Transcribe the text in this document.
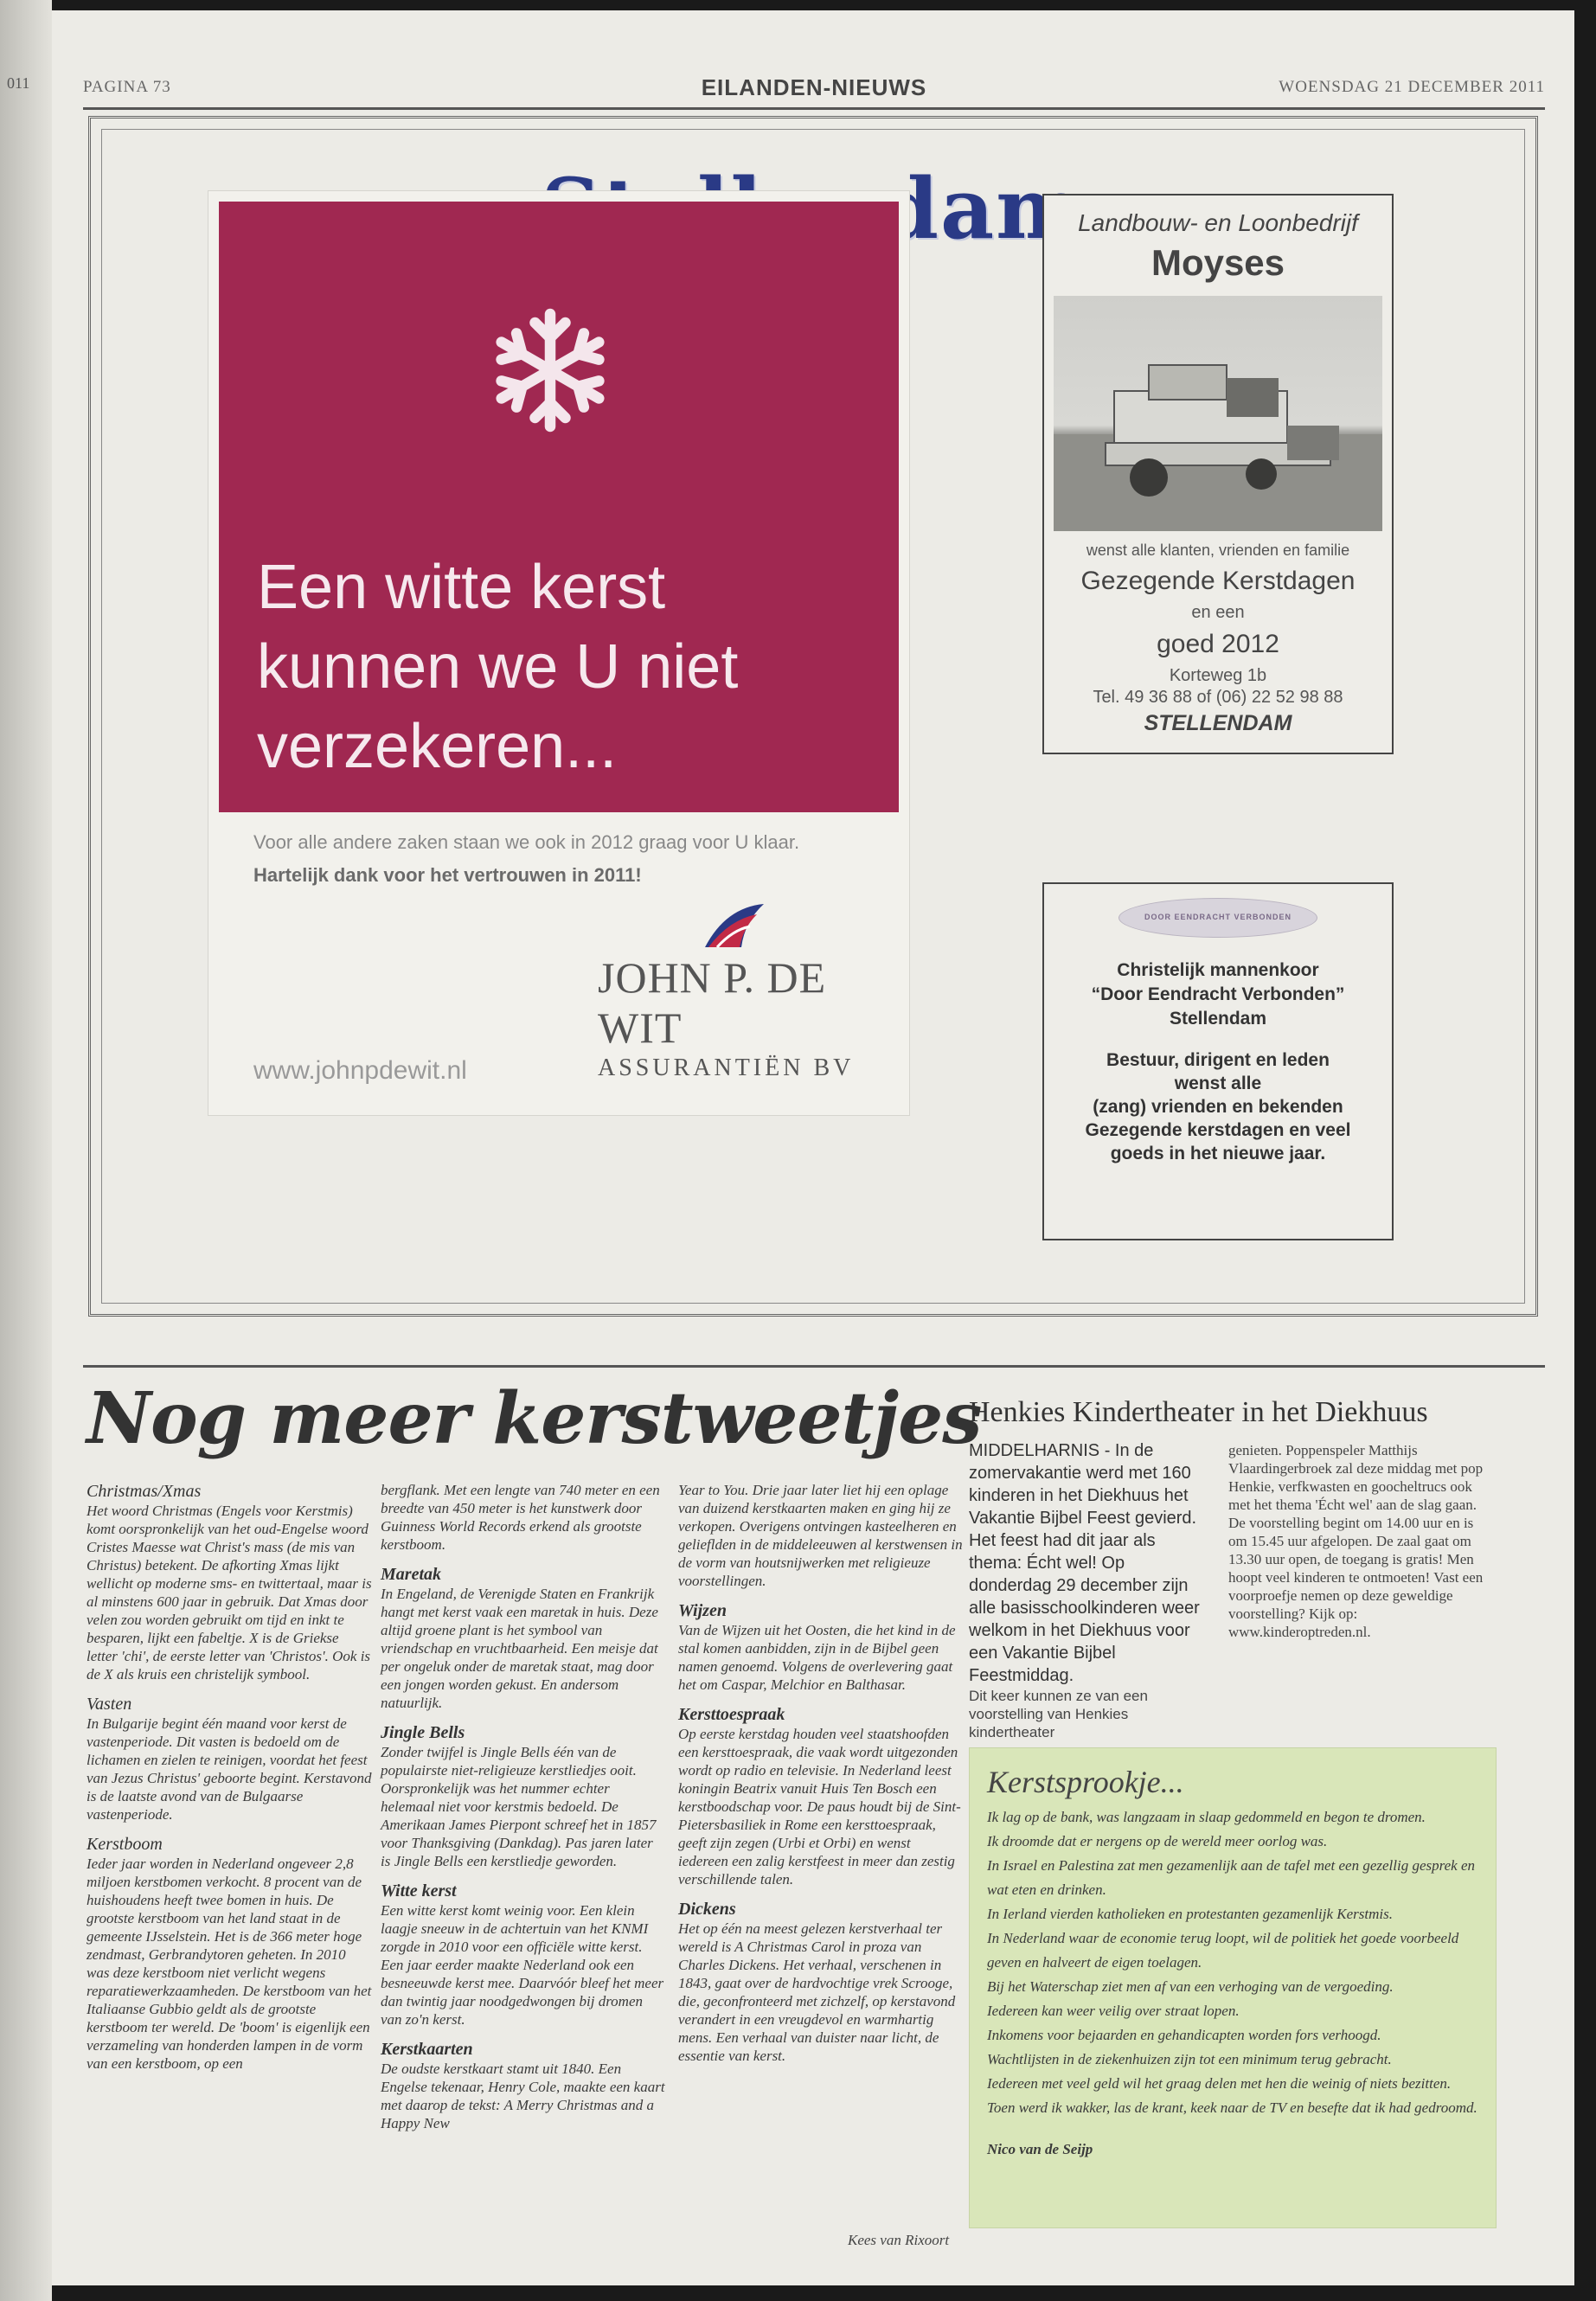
011	PAGINA 73	EILANDEN-NIEUWS	WOENSDAG 21 DECEMBER 2011
Een witte kerst
kunnen we U niet
verzekeren...
Voor alle andere zaken staan we ook in 2012 graag voor U klaar.
Hartelijk dank voor het vertrouwen in 2011!
JOHN P. DE WIT
ASSURANTIËN BV
www.johnpdewit.nl
Landbouw- en Loonbedrijf
Moyses
wenst alle klanten, vrienden en familie
Gezegende Kerstdagen
en een
goed 2012
Korteweg 1b
Tel. 49 36 88 of (06) 22 52 98 88
STELLENDAM
DOOR EENDRACHT VERBONDEN
Christelijk mannenkoor
“Door Eendracht Verbonden”
Stellendam
Bestuur, dirigent en leden
wenst alle
(zang) vrienden en bekenden
Gezegende kerstdagen en veel
goeds in het nieuwe jaar.
Nog meer kerstweetjes
Christmas/Xmas

Het woord Christmas (Engels voor Kerstmis) komt oorspronkelijk van het oud-Engelse woord Cristes Maesse wat Christ's mass (de mis van Christus) betekent. De afkorting Xmas lijkt wellicht op moderne sms- en twittertaal, maar is al minstens 600 jaar in gebruik. Dat Xmas door velen zou worden gebruikt om tijd en inkt te besparen, lijkt een fabeltje. X is de Griekse letter 'chi', de eerste letter van 'Christos'. Ook is de X als kruis een christelijk symbool.

Vasten

In Bulgarije begint één maand voor kerst de vastenperiode. Dit vasten is bedoeld om de lichamen en zielen te reinigen, voordat het feest van Jezus Christus' geboorte begint. Kerstavond is de laatste avond van de Bulgaarse vastenperiode.

Kerstboom

Ieder jaar worden in Nederland ongeveer 2,8 miljoen kerstbomen verkocht. 8 procent van de huishoudens heeft twee bomen in huis. De grootste kerstboom van het land staat in de gemeente IJsselstein. Het is de 366 meter hoge zendmast, Gerbrandytoren geheten. In 2010 was deze kerstboom niet verlicht wegens reparatiewerkzaamheden. De kerstboom van het Italiaanse Gubbio geldt als de grootste kerstboom ter wereld. De 'boom' is eigenlijk een verzameling van honderden lampen in de vorm van een kerstboom, op een

bergflank. Met een lengte van 740 meter en een breedte van 450 meter is het kunstwerk door Guinness World Records erkend als grootste kerstboom.

Maretak

In Engeland, de Verenigde Staten en Frankrijk hangt met kerst vaak een maretak in huis. Deze altijd groene plant is het symbool van vriendschap en vruchtbaarheid. Een meisje dat per ongeluk onder de maretak staat, mag door een jongen worden gekust. En andersom natuurlijk.

Jingle Bells

Zonder twijfel is Jingle Bells één van de populairste niet-religieuze kerstliedjes ooit. Oorspronkelijk was het nummer echter helemaal niet voor kerstmis bedoeld. De Amerikaan James Pierpont schreef het in 1857 voor Thanksgiving (Dankdag). Pas jaren later is Jingle Bells een kerstliedje geworden.

Witte kerst

Een witte kerst komt weinig voor. Een klein laagje sneeuw in de achtertuin van het KNMI zorgde in 2010 voor een officiële witte kerst. Een jaar eerder maakte Nederland ook een besneeuwde kerst mee. Daarvóór bleef het meer dan twintig jaar noodgedwongen bij dromen van zo'n kerst.

Kerstkaarten

De oudste kerstkaart stamt uit 1840. Een Engelse tekenaar, Henry Cole, maakte een kaart met daarop de tekst: A Merry Christmas and a Happy New

Year to You. Drie jaar later liet hij een oplage van duizend kerstkaarten maken en ging hij ze verkopen. Overigens ontvingen kasteelheren en gelieflden in de middeleeuwen al kerstwensen in de vorm van houtsnijwerken met religieuze voorstellingen.

Wijzen

Van de Wijzen uit het Oosten, die het kind in de stal komen aanbidden, zijn in de Bijbel geen namen genoemd. Volgens de overlevering gaat het om Caspar, Melchior en Balthasar.

Kersttoespraak

Op eerste kerstdag houden veel staatshoofden een kersttoespraak, die vaak wordt uitgezonden wordt op radio en televisie. In Nederland leest koningin Beatrix vanuit Huis Ten Bosch een kerstboodschap voor. De paus houdt bij de Sint-Pietersbasiliek in Rome een kersttoespraak, geeft zijn zegen (Urbi et Orbi) en wenst iedereen een zalig kerstfeest in meer dan zestig verschillende talen.

Dickens

Het op één na meest gelezen kerstverhaal ter wereld is A Christmas Carol in proza van Charles Dickens. Het verhaal, verschenen in 1843, gaat over de hardvochtige vrek Scrooge, die, geconfronteerd met zichzelf, op kerstavond verandert in een vreugdevol en warmhartig mens. Een verhaal van duister naar licht, de essentie van kerst.

Kees van Rixoort
Henkies Kindertheater in het Diekhuus

MIDDELHARNIS - In de zomervakantie werd met 160 kinderen in het Diekhuus het Vakantie Bijbel Feest gevierd. Het feest had dit jaar als thema: Écht wel! Op donderdag 29 december zijn alle basisschoolkinderen weer welkom in het Diekhuus voor een Vakantie Bijbel Feestmiddag.

Dit keer kunnen ze van een voorstelling van Henkies kindertheater

genieten. Poppenspeler Matthijs Vlaardingerbroek zal deze middag met pop Henkie, verfkwasten en goocheltrucs ook met het thema 'Écht wel' aan de slag gaan. De voorstelling begint om 14.00 uur en is om 15.45 uur afgelopen. De zaal gaat om 13.30 uur open, de toegang is gratis! Men hoopt veel kinderen te ontmoeten! Vast een voorproefje nemen op deze geweldige voorstelling? Kijk op: www.kinderoptreden.nl.
Kerstsprookje...

Ik lag op de bank, was langzaam in slaap gedommeld en begon te dromen.

Ik droomde dat er nergens op de wereld meer oorlog was.

In Israel en Palestina zat men gezamenlijk aan de tafel met een gezellig gesprek en wat eten en drinken.

In Ierland vierden katholieken en protestanten gezamenlijk Kerstmis.

In Nederland waar de economie terug loopt, wil de politiek het goede voorbeeld geven en halveert de eigen toelagen.

Bij het Waterschap ziet men af van een verhoging van de vergoeding.

Iedereen kan weer veilig over straat lopen.

Inkomens voor bejaarden en gehandicapten worden fors verhoogd.

Wachtlijsten in de ziekenhuizen zijn tot een minimum terug gebracht.

Iedereen met veel geld wil het graag delen met hen die weinig of niets bezitten.

Toen werd ik wakker, las de krant, keek naar de TV en besefte dat ik had gedroomd.

Nico van de Seijp
